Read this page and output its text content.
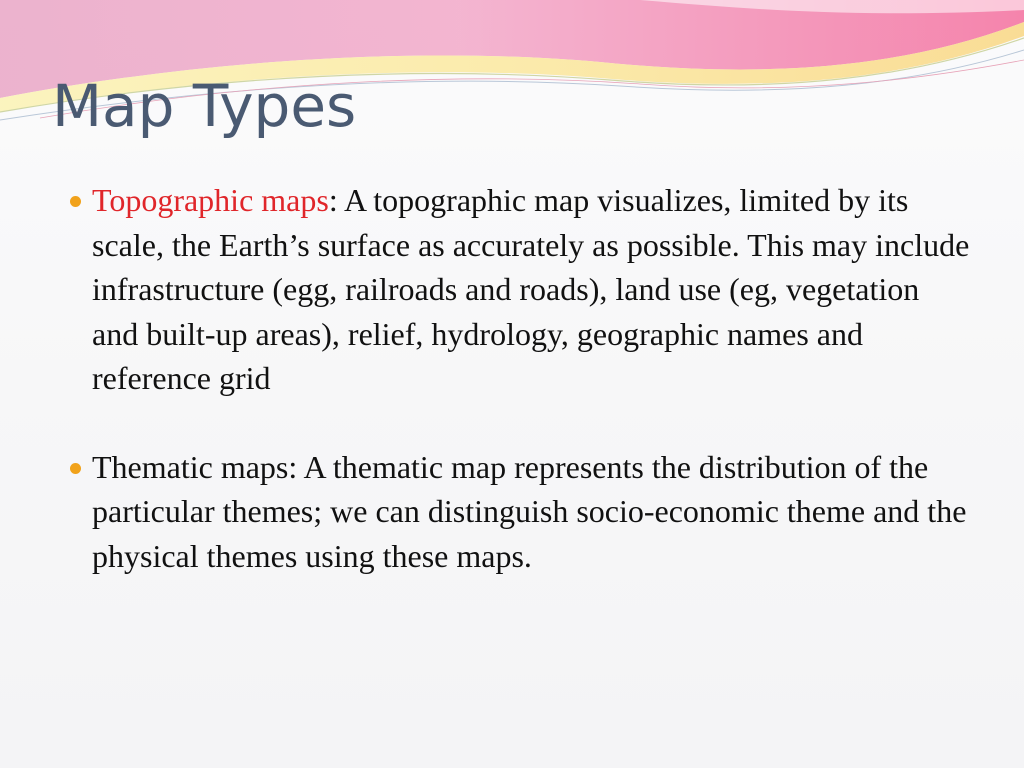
Map Types

Topographic maps: A topographic map visualizes, limited by its scale, the Earth’s surface as accurately as possible. This may include infrastructure (egg, railroads and roads), land use (eg, vegetation and built-up areas), relief, hydrology, geographic names and reference grid

Thematic maps: A thematic map represents the distribution of the particular themes; we can distinguish socio-economic theme and the physical themes using these maps.
